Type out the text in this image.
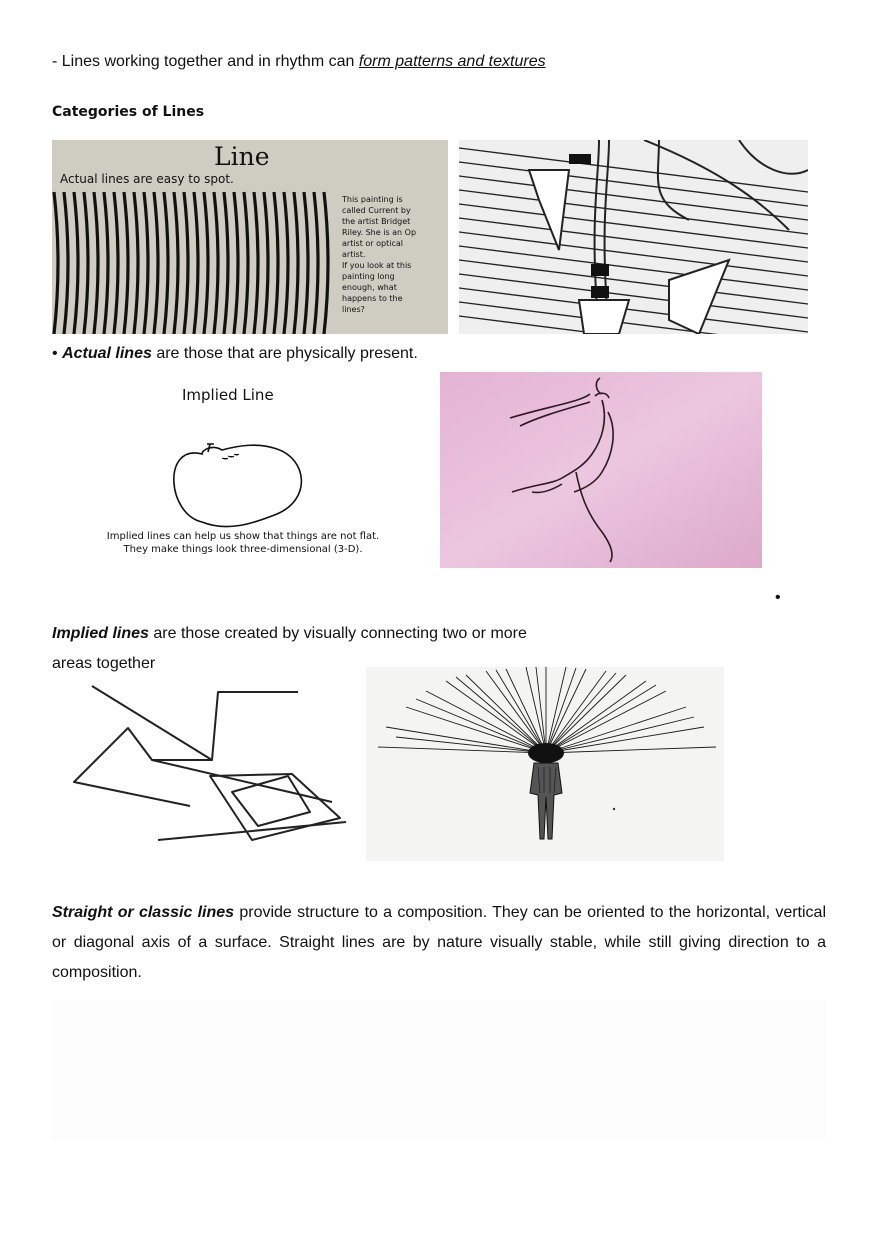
- Lines working together and in rhythm can form patterns and textures
Categories of Lines
Line
Actual lines are easy to spot.
This painting is
called Current by
the artist Bridget
Riley. She is an Op
artist or optical
artist.
If you look at this
painting long
enough, what
happens to the
lines?
• Actual lines are those that are physically present.
Implied Line
Implied lines can help us show that things are not flat.
They make things look three-dimensional (3-D).
•
Implied lines are those created by visually connecting two or more
areas together
Straight or classic lines provide structure to a composition. They can be oriented to the horizontal, vertical or diagonal axis of a surface. Straight lines are by nature visually stable, while still giving direction to a composition.
